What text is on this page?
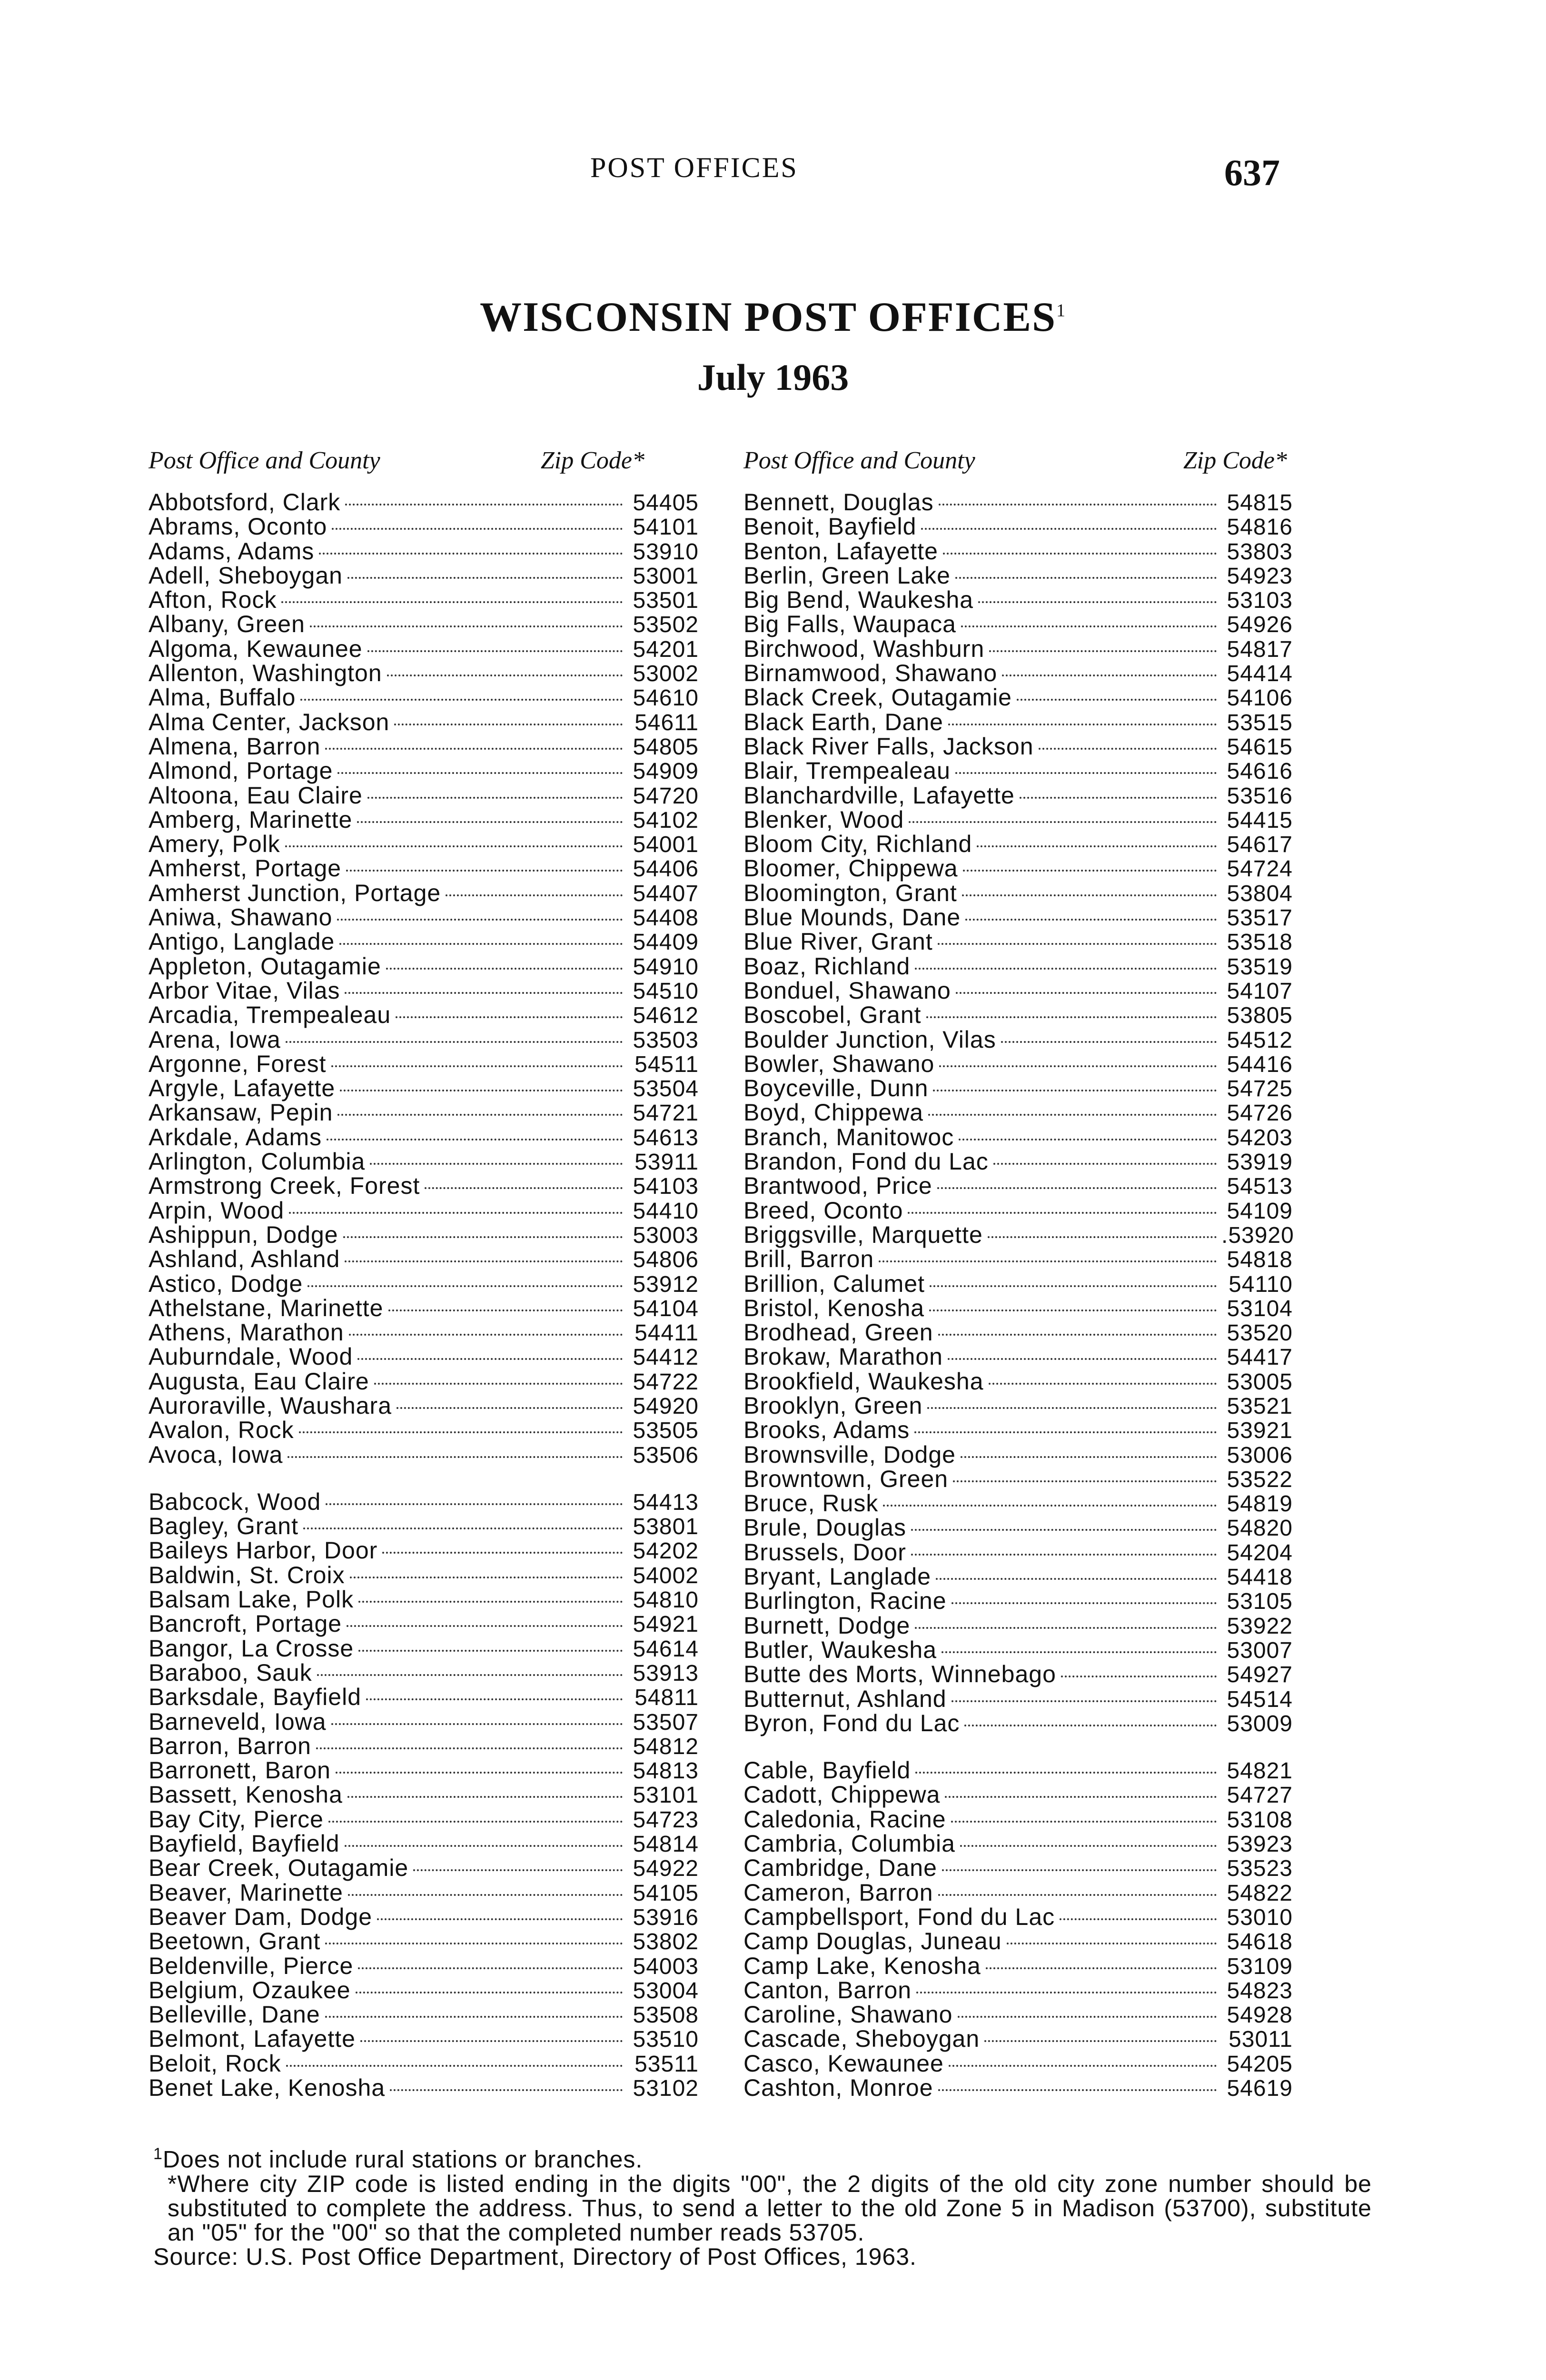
POST OFFICES	637
WISCONSIN POST OFFICES$^1$
July 1963
Post Office and County	Zip Code*	Post Office and County	Zip Code*
Abbotsford, Clark	54405
Abrams, Oconto	54101
Adams, Adams	53910
Adell, Sheboygan	53001
Afton, Rock	53501
Albany, Green	53502
Algoma, Kewaunee	54201
Allenton, Washington	53002
Alma, Buffalo	54610
Alma Center, Jackson	54611
Almena, Barron	54805
Almond, Portage	54909
Altoona, Eau Claire	54720
Amberg, Marinette	54102
Amery, Polk	54001
Amherst, Portage	54406
Amherst Junction, Portage	54407
Aniwa, Shawano	54408
Antigo, Langlade	54409
Appleton, Outagamie	54910
Arbor Vitae, Vilas	54510
Arcadia, Trempealeau	54612
Arena, Iowa	53503
Argonne, Forest	54511
Argyle, Lafayette	53504
Arkansaw, Pepin	54721
Arkdale, Adams	54613
Arlington, Columbia	53911
Armstrong Creek, Forest	54103
Arpin, Wood	54410
Ashippun, Dodge	53003
Ashland, Ashland	54806
Astico, Dodge	53912
Athelstane, Marinette	54104
Athens, Marathon	54411
Auburndale, Wood	54412
Augusta, Eau Claire	54722
Auroraville, Waushara	54920
Avalon, Rock	53505
Avoca, Iowa	53506
Babcock, Wood	54413
Bagley, Grant	53801
Baileys Harbor, Door	54202
Baldwin, St. Croix	54002
Balsam Lake, Polk	54810
Bancroft, Portage	54921
Bangor, La Crosse	54614
Baraboo, Sauk	53913
Barksdale, Bayfield	54811
Barneveld, Iowa	53507
Barron, Barron	54812
Barronett, Baron	54813
Bassett, Kenosha	53101
Bay City, Pierce	54723
Bayfield, Bayfield	54814
Bear Creek, Outagamie	54922
Beaver, Marinette	54105
Beaver Dam, Dodge	53916
Beetown, Grant	53802
Beldenville, Pierce	54003
Belgium, Ozaukee	53004
Belleville, Dane	53508
Belmont, Lafayette	53510
Beloit, Rock	53511
Benet Lake, Kenosha	53102
Bennett, Douglas	54815
Benoit, Bayfield	54816
Benton, Lafayette	53803
Berlin, Green Lake	54923
Big Bend, Waukesha	53103
Big Falls, Waupaca	54926
Birchwood, Washburn	54817
Birnamwood, Shawano	54414
Black Creek, Outagamie	54106
Black Earth, Dane	53515
Black River Falls, Jackson	54615
Blair, Trempealeau	54616
Blanchardville, Lafayette	53516
Blenker, Wood	54415
Bloom City, Richland	54617
Bloomer, Chippewa	54724
Bloomington, Grant	53804
Blue Mounds, Dane	53517
Blue River, Grant	53518
Boaz, Richland	53519
Bonduel, Shawano	54107
Boscobel, Grant	53805
Boulder Junction, Vilas	54512
Bowler, Shawano	54416
Boyceville, Dunn	54725
Boyd, Chippewa	54726
Branch, Manitowoc	54203
Brandon, Fond du Lac	53919
Brantwood, Price	54513
Breed, Oconto	54109
Briggsville, Marquette	.53920
Brill, Barron	54818
Brillion, Calumet	54110
Bristol, Kenosha	53104
Brodhead, Green	53520
Brokaw, Marathon	54417
Brookfield, Waukesha	53005
Brooklyn, Green	53521
Brooks, Adams	53921
Brownsville, Dodge	53006
Browntown, Green	53522
Bruce, Rusk	54819
Brule, Douglas	54820
Brussels, Door	54204
Bryant, Langlade	54418
Burlington, Racine	53105
Burnett, Dodge	53922
Butler, Waukesha	53007
Butte des Morts, Winnebago	54927
Butternut, Ashland	54514
Byron, Fond du Lac	53009
Cable, Bayfield	54821
Cadott, Chippewa	54727
Caledonia, Racine	53108
Cambria, Columbia	53923
Cambridge, Dane	53523
Cameron, Barron	54822
Campbellsport, Fond du Lac	53010
Camp Douglas, Juneau	54618
Camp Lake, Kenosha	53109
Canton, Barron	54823
Caroline, Shawano	54928
Cascade, Sheboygan	53011
Casco, Kewaunee	54205
Cashton, Monroe	54619

$^1$Does not include rural stations or branches.

*Where city ZIP code is listed ending in the digits "00", the 2 digits of the old city zone number should be substituted to complete the address. Thus, to send a letter to the old Zone 5 in Madison (53700), substitute an "05" for the "00" so that the completed number reads 53705.

Source: U.S. Post Office Department, Directory of Post Offices, 1963.
